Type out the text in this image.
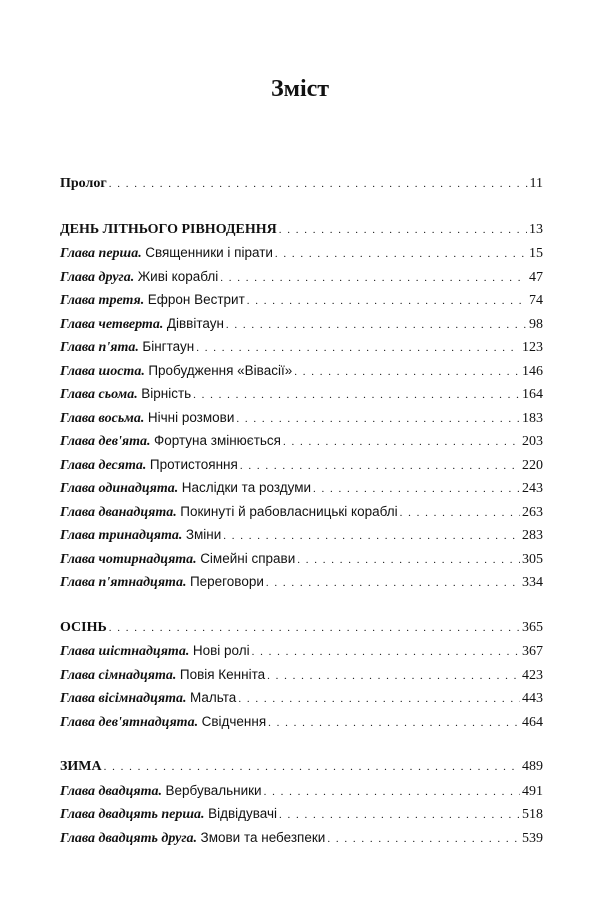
Зміст
Пролог . . .	11
ДЕНЬ ЛІТНЬОГО РІВНОДЕННЯ . . .	13
Глава перша. Священники і пірати . . .	15
Глава друга. Живі кораблі . . .	47
Глава третя. Ефрон Вестрит . . .	74
Глава четверта. Діввітаун . . .	98
Глава п'ята. Бінгтаун . . .	123
Глава шоста. Пробудження «Вівасії» . . .	146
Глава сьома. Вірність . . .	164
Глава восьма. Нічні розмови . . .	183
Глава дев'ята. Фортуна змінюється . . .	203
Глава десята. Протистояння . . .	220
Глава одинадцята. Наслідки та роздуми . . .	243
Глава дванадцята. Покинуті й рабовласницькі кораблі . . .	263
Глава тринадцята. Зміни . . .	283
Глава чотирнадцята. Сімейні справи . . .	305
Глава п'ятнадцята. Переговори . . .	334
ОСІНЬ . . .	365
Глава шістнадцята. Нові ролі . . .	367
Глава сімнадцята. Повія Кенніта . . .	423
Глава вісімнадцята. Мальта . . .	443
Глава дев'ятнадцята. Свідчення . . .	464
ЗИМА . . .	489
Глава двадцята. Вербувальники . . .	491
Глава двадцять перша. Відвідувачі . . .	518
Глава двадцять друга. Змови та небезпеки . . .	539
